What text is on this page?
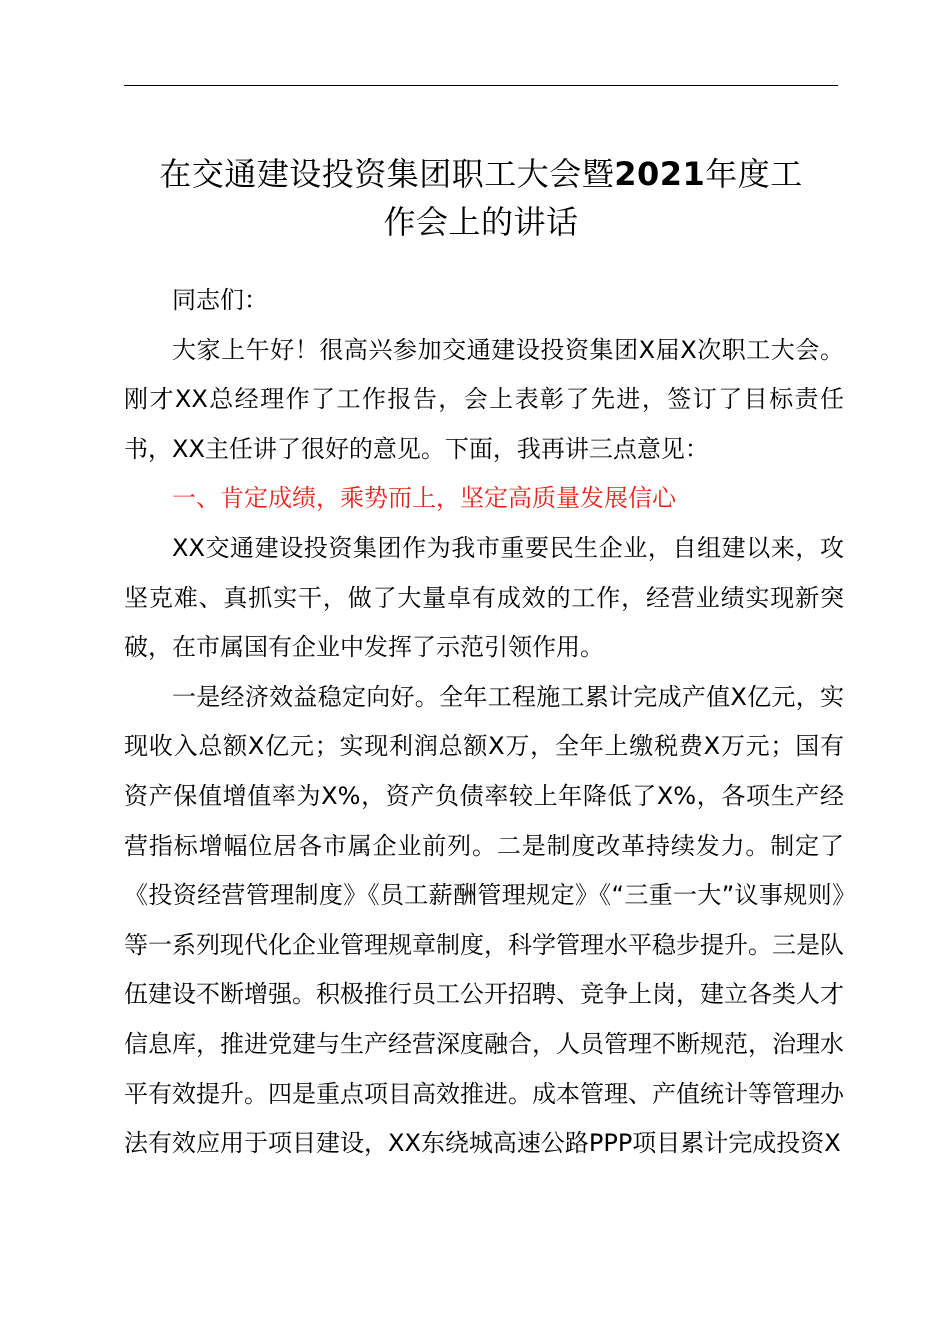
在交通建设投资集团职工大会暨2021年度工
作会上的讲话

同志们：

大家上午好！很高兴参加交通建设投资集团X届X次职工大会。刚才XX总经理作了工作报告，会上表彰了先进，签订了目标责任书，XX主任讲了很好的意见。下面，我再讲三点意见：

一、肯定成绩，乘势而上，坚定高质量发展信心

XX交通建设投资集团作为我市重要民生企业，自组建以来，攻坚克难、真抓实干，做了大量卓有成效的工作，经营业绩实现新突破，在市属国有企业中发挥了示范引领作用。

一是经济效益稳定向好。全年工程施工累计完成产值X亿元，实现收入总额X亿元；实现利润总额X万，全年上缴税费X万元；国有资产保值增值率为X%，资产负债率较上年降低了X%，各项生产经营指标增幅位居各市属企业前列。二是制度改革持续发力。制定了《投资经营管理制度》《员工薪酬管理规定》《“三重一大”议事规则》等一系列现代化企业管理规章制度，科学管理水平稳步提升。三是队伍建设不断增强。积极推行员工公开招聘、竞争上岗，建立各类人才信息库，推进党建与生产经营深度融合，人员管理不断规范，治理水平有效提升。四是重点项目高效推进。成本管理、产值统计等管理办法有效应用于项目建设，XX东绕城高速公路PPP项目累计完成投资X
